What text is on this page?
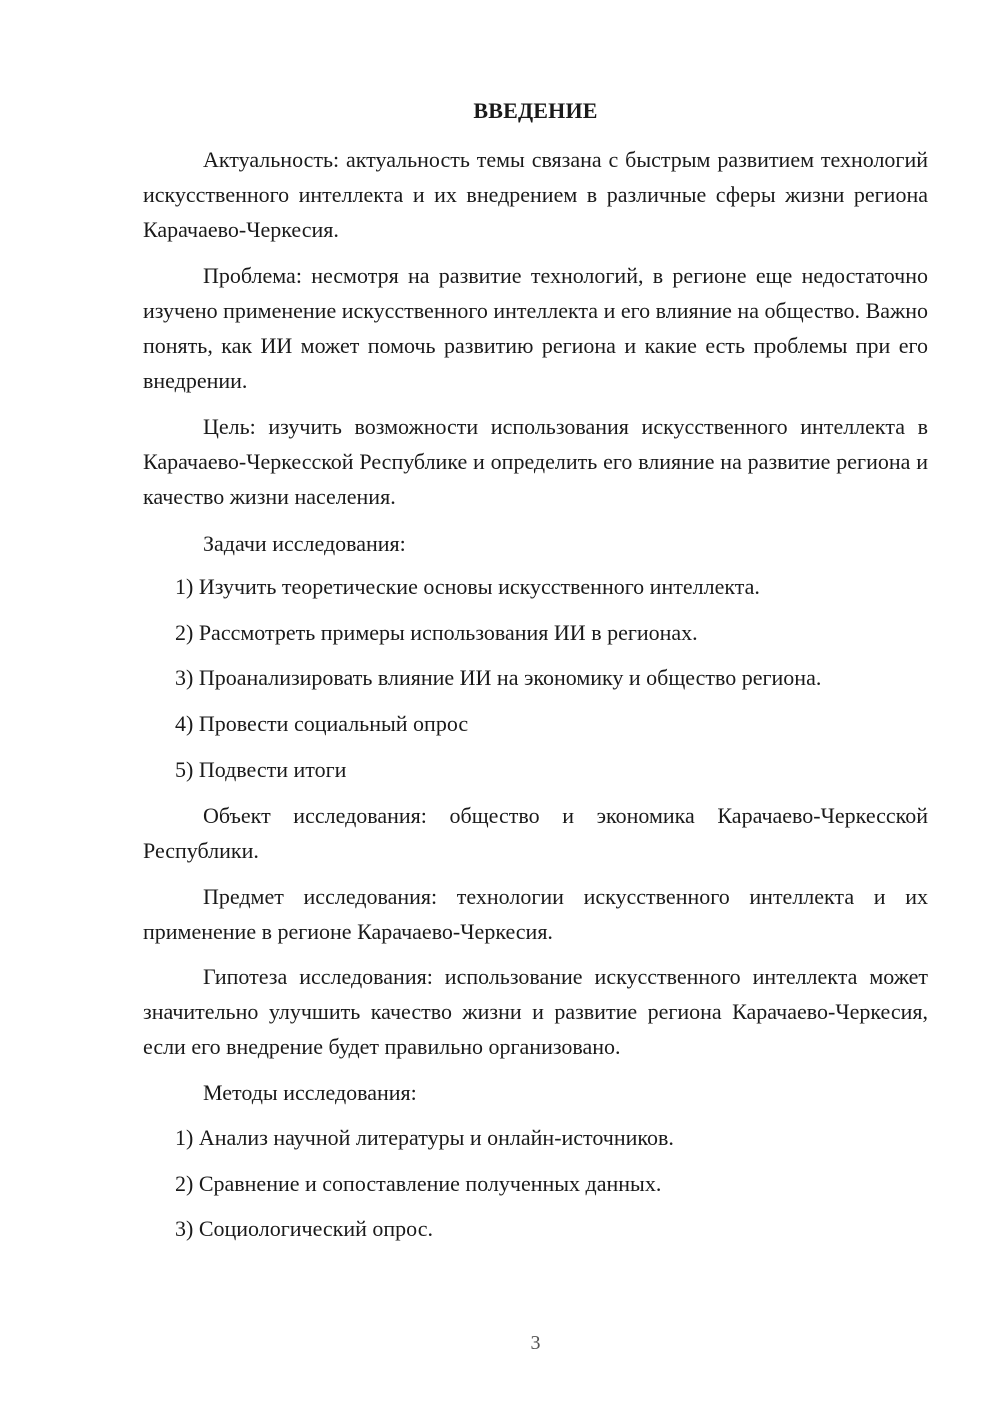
ВВЕДЕНИЕ

Актуальность: актуальность темы связана с быстрым развитием технологий искусственного интеллекта и их внедрением в различные сферы жизни региона Карачаево-Черкесия.

Проблема: несмотря на развитие технологий, в регионе еще недостаточно изучено применение искусственного интеллекта и его влияние на общество. Важно понять, как ИИ может помочь развитию региона и какие есть проблемы при его внедрении.

Цель: изучить возможности использования искусственного интеллекта в Карачаево-Черкесской Республике и определить его влияние на развитие региона и качество жизни населения.

Задачи исследования:

1) Изучить теоретические основы искусственного интеллекта.

2) Рассмотреть примеры использования ИИ в регионах.

3) Проанализировать влияние ИИ на экономику и общество региона.

4) Провести социальный опрос

5) Подвести итоги

Объект исследования: общество и экономика Карачаево-Черкесской Республики.

Предмет исследования: технологии искусственного интеллекта и их применение в регионе Карачаево-Черкесия.

Гипотеза исследования: использование искусственного интеллекта может значительно улучшить качество жизни и развитие региона Карачаево-Черкесия, если его внедрение будет правильно организовано.

Методы исследования:

1) Анализ научной литературы и онлайн-источников.

2) Сравнение и сопоставление полученных данных.

3) Социологический опрос.

3
